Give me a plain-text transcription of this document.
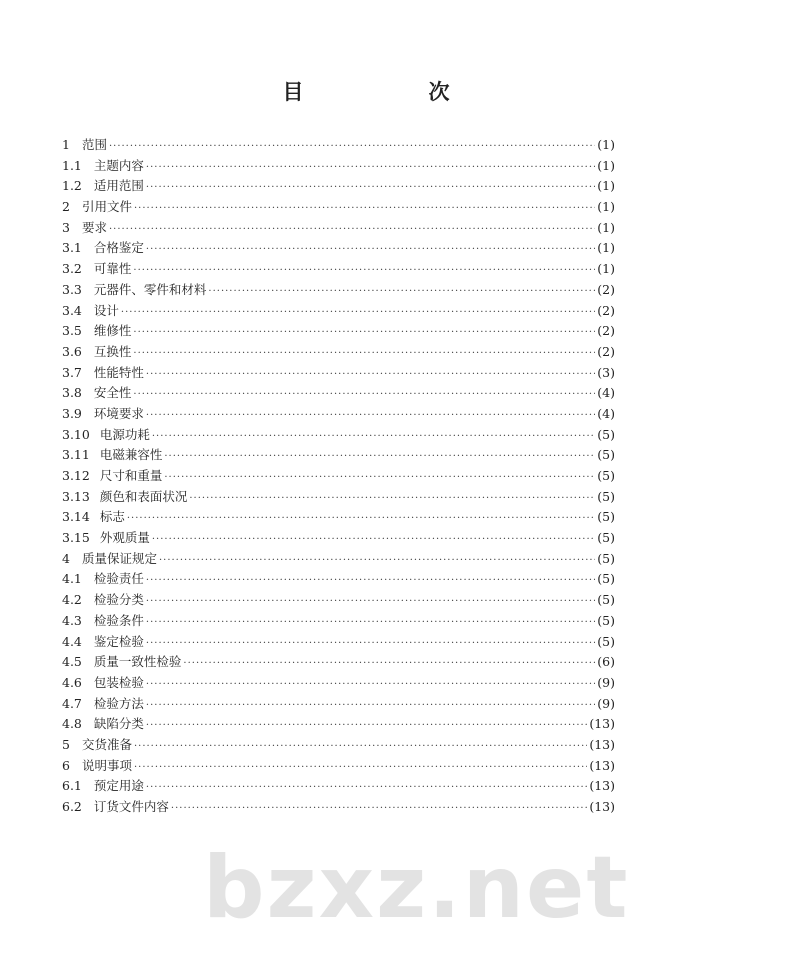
bzxz.net
目　次
1 范围 ·····	(1)
1.1 主题内容 ·····	(1)
1.2 适用范围 ·····	(1)
2 引用文件 ·····	(1)
3 要求 ·····	(1)
3.1 合格鉴定 ·····	(1)
3.2 可靠性 ·····	(1)
3.3 元器件、零件和材料 ·····	(2)
3.4 设计 ·····	(2)
3.5 维修性 ·····	(2)
3.6 互换性 ·····	(2)
3.7 性能特性 ·····	(3)
3.8 安全性 ·····	(4)
3.9 环境要求 ·····	(4)
3.10 电源功耗 ·····	(5)
3.11 电磁兼容性 ·····	(5)
3.12 尺寸和重量 ·····	(5)
3.13 颜色和表面状况 ·····	(5)
3.14 标志 ·····	(5)
3.15 外观质量 ·····	(5)
4 质量保证规定 ·····	(5)
4.1 检验责任 ·····	(5)
4.2 检验分类 ·····	(5)
4.3 检验条件 ·····	(5)
4.4 鉴定检验 ·····	(5)
4.5 质量一致性检验 ·····	(6)
4.6 包装检验 ·····	(9)
4.7 检验方法 ·····	(9)
4.8 缺陷分类 ·····	(13)
5 交货准备 ·····	(13)
6 说明事项 ·····	(13)
6.1 预定用途 ·····	(13)
6.2 订货文件内容 ·····	(13)
